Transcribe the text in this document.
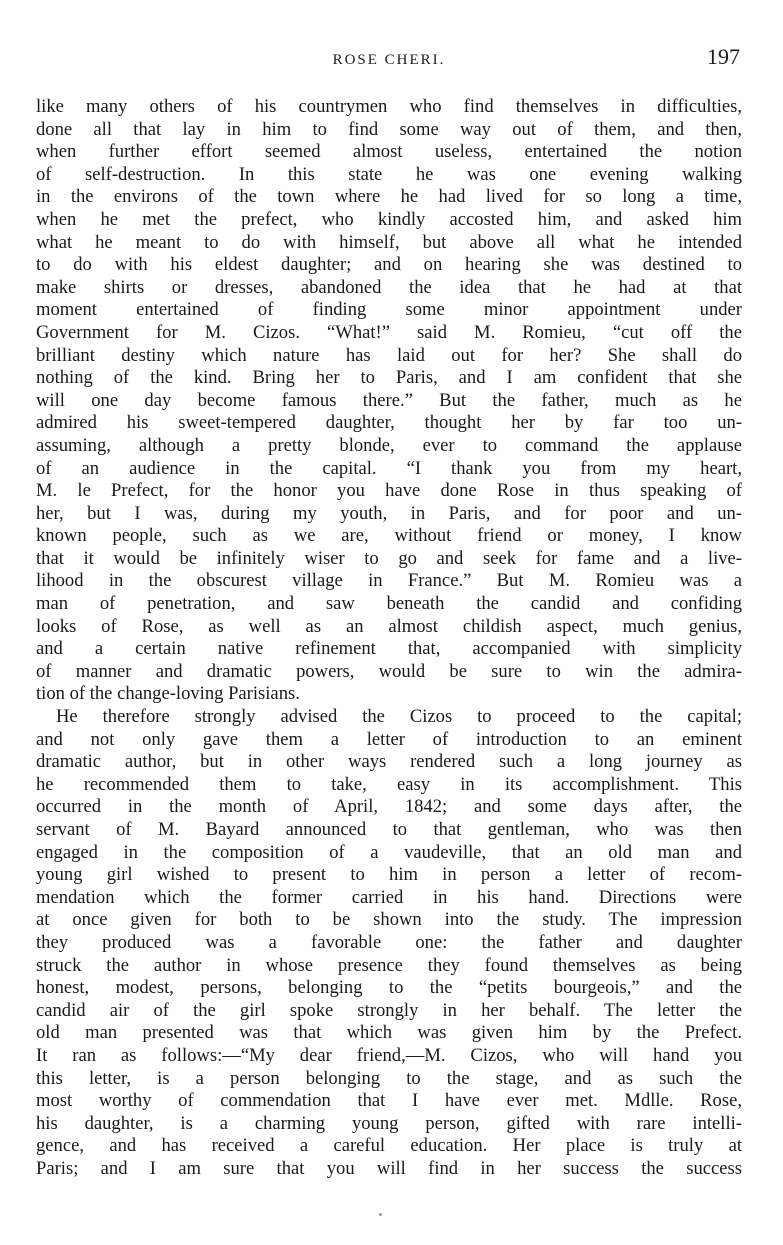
ROSE CHERI.	197
like many others of his countrymen who find themselves in difficulties,
done all that lay in him to find some way out of them, and then,
when further effort seemed almost useless, entertained the notion
of self-destruction. In this state he was one evening walking
in the environs of the town where he had lived for so long a time,
when he met the prefect, who kindly accosted him, and asked him
what he meant to do with himself, but above all what he intended
to do with his eldest daughter; and on hearing she was destined to
make shirts or dresses, abandoned the idea that he had at that
moment entertained of finding some minor appointment under
Government for M. Cizos. “What!” said M. Romieu, “cut off the
brilliant destiny which nature has laid out for her? She shall do
nothing of the kind. Bring her to Paris, and I am confident that she
will one day become famous there.” But the father, much as he
admired his sweet-tempered daughter, thought her by far too un-
assuming, although a pretty blonde, ever to command the applause
of an audience in the capital. “I thank you from my heart,
M. le Prefect, for the honor you have done Rose in thus speaking of
her, but I was, during my youth, in Paris, and for poor and un-
known people, such as we are, without friend or money, I know
that it would be infinitely wiser to go and seek for fame and a live-
lihood in the obscurest village in France.” But M. Romieu was a
man of penetration, and saw beneath the candid and confiding
looks of Rose, as well as an almost childish aspect, much genius,
and a certain native refinement that, accompanied with simplicity
of manner and dramatic powers, would be sure to win the admira-
tion of the change-loving Parisians.
He therefore strongly advised the Cizos to proceed to the capital;
and not only gave them a letter of introduction to an eminent
dramatic author, but in other ways rendered such a long journey as
he recommended them to take, easy in its accomplishment. This
occurred in the month of April, 1842; and some days after, the
servant of M. Bayard announced to that gentleman, who was then
engaged in the composition of a vaudeville, that an old man and
young girl wished to present to him in person a letter of recom-
mendation which the former carried in his hand. Directions were
at once given for both to be shown into the study. The impression
they produced was a favorable one: the father and daughter
struck the author in whose presence they found themselves as being
honest, modest, persons, belonging to the “petits bourgeois,” and the
candid air of the girl spoke strongly in her behalf. The letter the
old man presented was that which was given him by the Prefect.
It ran as follows:—“My dear friend,—M. Cizos, who will hand you
this letter, is a person belonging to the stage, and as such the
most worthy of commendation that I have ever met. Mdlle. Rose,
his daughter, is a charming young person, gifted with rare intelli-
gence, and has received a careful education. Her place is truly at
Paris; and I am sure that you will find in her success the success
